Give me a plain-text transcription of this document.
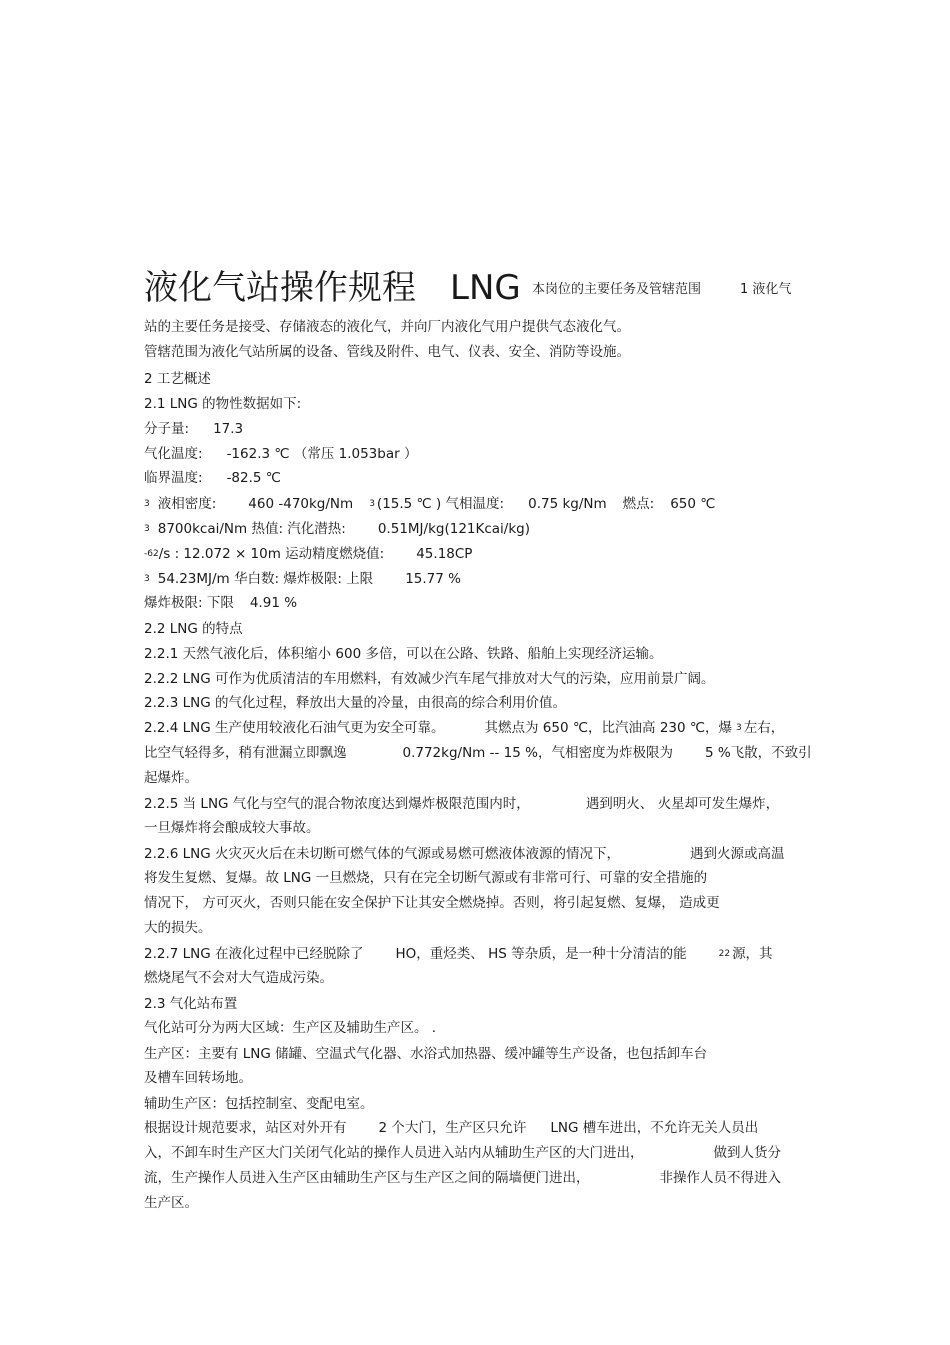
液化气站操作规程 LNG 本岗位的主要任务及管辖范围	1 液化气
站的主要任务是接受、存储液态的液化气，并向厂内液化气用户提供气态液化气。
管辖范围为液化气站所属的设备、管线及附件、电气、仪表、安全、消防等设施。
2 工艺概述
2.1 LNG 的物性数据如下:
分子量: 17.3
气化温度: -162.3 ℃ （常压 1.053bar ）
临界温度: -82.5 ℃
$^3$ 液相密度: 460 -470kg/Nm $^3$ (15.5 ℃ ) 气相温度: 0.75 kg/Nm 燃点: 650 ℃
$^3$ 8700kcai/Nm 热值: 汽化潜热: 0.51MJ/kg(121Kcai/kg)
$^{-62}$/s : 12.072 × 10m 运动精度燃烧值: 45.18CP
$^3$ 54.23MJ/m 华白数: 爆炸极限: 上限 15.77 %
爆炸极限: 下限 4.91 %
2.2 LNG 的特点
2.2.1 天然气液化后，体积缩小 600 多倍，可以在公路、铁路、船舶上实现经济运输。
2.2.2 LNG 可作为优质清洁的车用燃料，有效减少汽车尾气排放对大气的污染，应用前景广阔。
2.2.3 LNG 的气化过程，释放出大量的冷量，由很高的综合利用价值。
2.2.4 LNG 生产使用较液化石油气更为安全可靠。	其燃点为 650 ℃，比汽油高 230 ℃，爆 $^3$ 左右，
比空气轻得多，稍有泄漏立即飘逸	0.772kg/Nm -- 15 %，气相密度为炸极限为 5 %飞散，不致引
起爆炸。
2.2.5 当 LNG 气化与空气的混合物浓度达到爆炸极限范围内时，	遇到明火、 火星却可发生爆炸，
一旦爆炸将会酿成较大事故。
2.2.6 LNG 火灾灭火后在未切断可燃气体的气源或易燃可燃液体液源的情况下，	遇到火源或高温
将发生复燃、复爆。故 LNG 一旦燃烧，只有在完全切断气源或有非常可行、可靠的安全措施的
情况下， 方可灭火，否则只能在安全保护下让其安全燃烧掉。否则，将引起复燃、复爆， 造成更
大的损失。
2.2.7 LNG 在液化过程中已经脱除了 HO，重烃类、 HS 等杂质，是一种十分清洁的能	$^{22}$ 源，其
燃烧尾气不会对大气造成污染。
2.3 气化站布置
气化站可分为两大区域：生产区及辅助生产区。 .
生产区：主要有 LNG 储罐、空温式气化器、水浴式加热器、缓冲罐等生产设备，也包括卸车台
及槽车回转场地。
辅助生产区：包括控制室、变配电室。
根据设计规范要求，站区对外开有 2 个大门，生产区只允许 LNG 槽车进出，不允许无关人员出
入，不卸车时生产区大门关闭气化站的操作人员进入站内从辅助生产区的大门进出，	做到人货分
流，生产操作人员进入生产区由辅助生产区与生产区之间的隔墙便门进出，	非操作人员不得进入
生产区。
